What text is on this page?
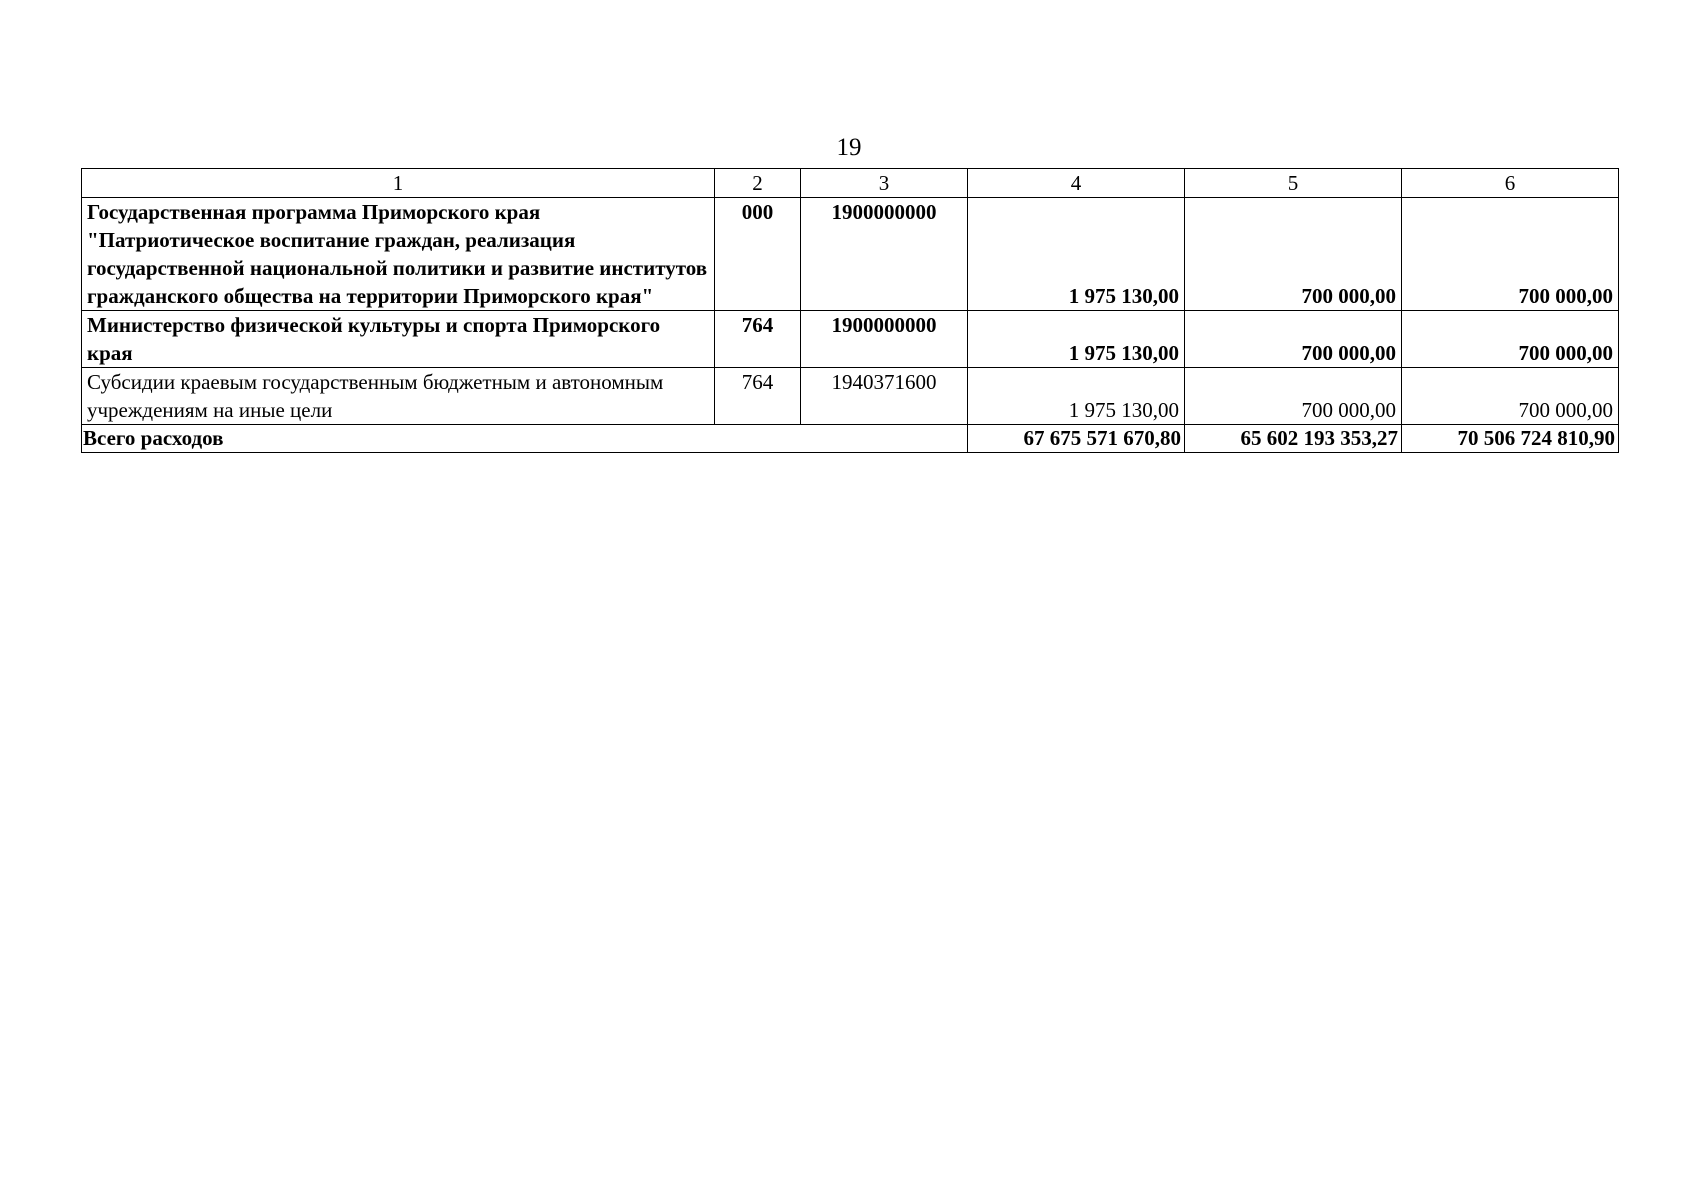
19
1	2	3	4	5	6
Государственная программа Приморского края "Патриотическое воспитание граждан, реализация государственной национальной политики и развитие институтов гражданского общества на территории Приморского края"	000	1900000000	1 975 130,00	700 000,00	700 000,00
Министерство физической культуры и спорта Приморского края	764	1900000000	1 975 130,00	700 000,00	700 000,00
Субсидии краевым государственным бюджетным и автономным учреждениям на иные цели	764	1940371600	1 975 130,00	700 000,00	700 000,00
Всего расходов			67 675 571 670,80	65 602 193 353,27	70 506 724 810,90
